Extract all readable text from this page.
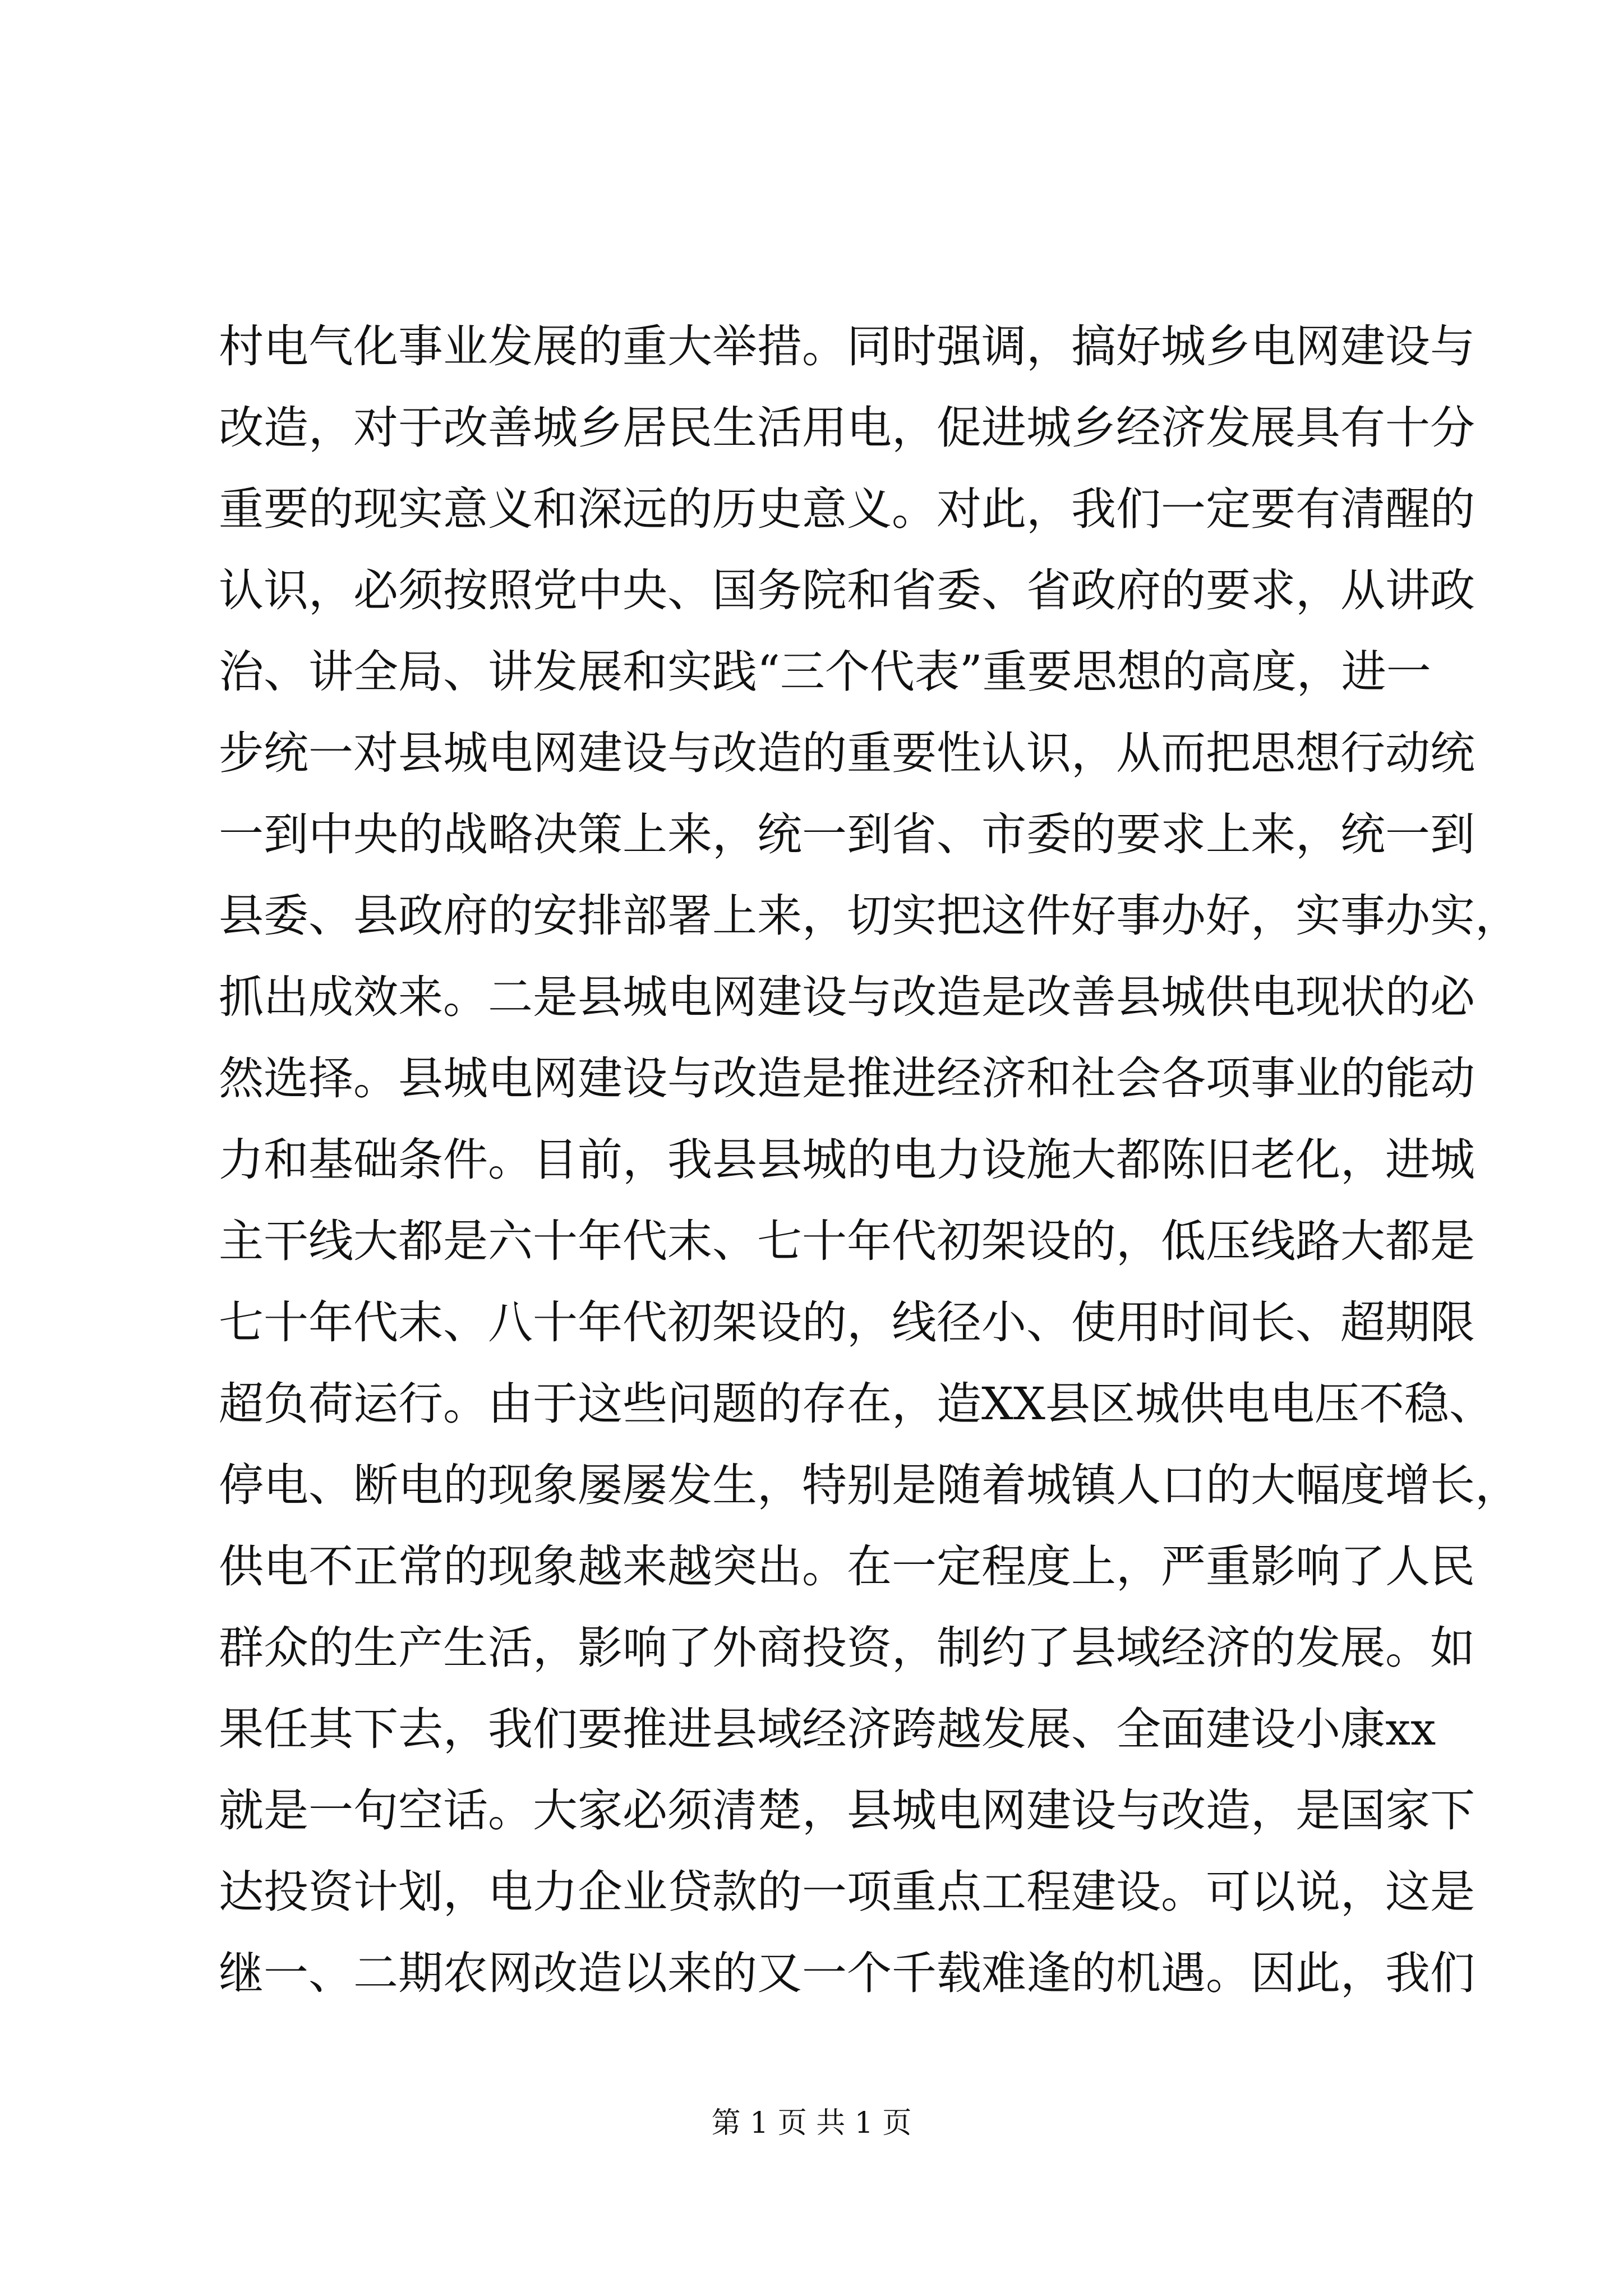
村电气化事业发展的重大举措。同时强调，搞好城乡电网建设与
改造，对于改善城乡居民生活用电，促进城乡经济发展具有十分
重要的现实意义和深远的历史意义。对此，我们一定要有清醒的
认识，必须按照党中央、国务院和省委、省政府的要求，从讲政
治、讲全局、讲发展和实践“三个代表”重要思想的高度，进一
步统一对县城电网建设与改造的重要性认识，从而把思想行动统
一到中央的战略决策上来，统一到省、市委的要求上来，统一到
县委、县政府的安排部署上来，切实把这件好事办好，实事办实，
抓出成效来。二是县城电网建设与改造是改善县城供电现状的必
然选择。县城电网建设与改造是推进经济和社会各项事业的能动
力和基础条件。目前，我县县城的电力设施大都陈旧老化，进城
主干线大都是六十年代末、七十年代初架设的，低压线路大都是
七十年代末、八十年代初架设的，线径小、使用时间长、超期限
超负荷运行。由于这些问题的存在，造XX县区城供电电压不稳、
停电、断电的现象屡屡发生，特别是随着城镇人口的大幅度增长，
供电不正常的现象越来越突出。在一定程度上，严重影响了人民
群众的生产生活，影响了外商投资，制约了县域经济的发展。如
果任其下去，我们要推进县域经济跨越发展、全面建设小康xx
就是一句空话。大家必须清楚，县城电网建设与改造，是国家下
达投资计划，电力企业贷款的一项重点工程建设。可以说，这是
继一、二期农网改造以来的又一个千载难逢的机遇。因此，我们
第 1 页 共 1 页
